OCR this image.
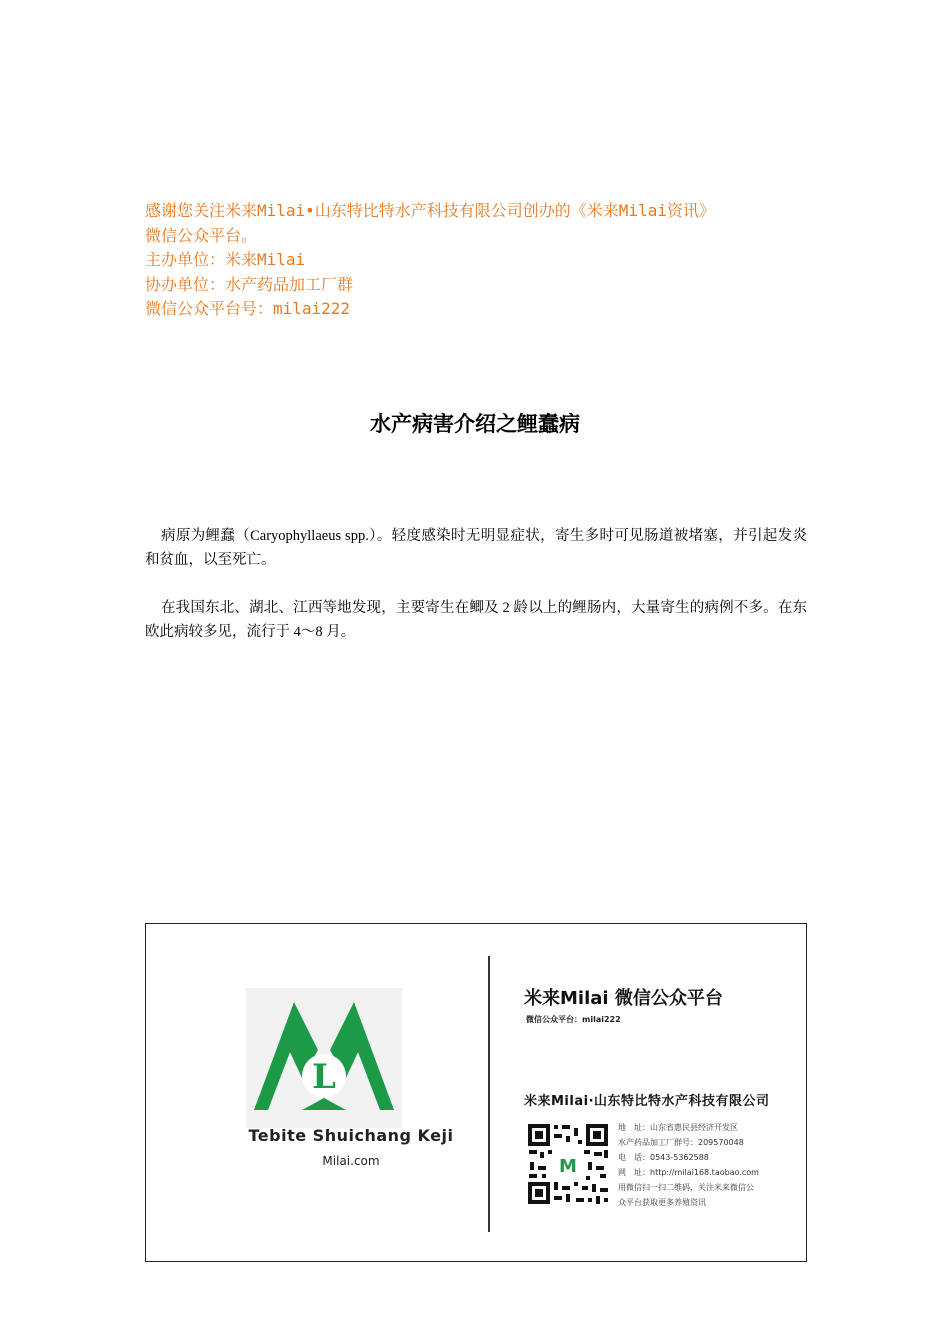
感谢您关注米来Milai•山东特比特水产科技有限公司创办的《米来Milai资讯》
微信公众平台。
主办单位：米来Milai
协办单位：水产药品加工厂群
微信公众平台号：milai222
水产病害介绍之鲤蠢病
病原为鲤蠢（Caryophyllaeus spp.）。轻度感染时无明显症状，寄生多时可见肠道被堵塞，并引起发炎和贫血，以至死亡。
在我国东北、湖北、江西等地发现，主要寄生在鲫及 2 龄以上的鲤肠内，大量寄生的病例不多。在东欧此病较多见，流行于 4～8 月。
L
Tebite Shuichang Keji
Milai.com
米来Milai 微信公众平台
微信公众平台：milai222
米来Milai·山东特比特水产科技有限公司
M
地　址：山东省惠民县经济开发区
水产药品加工厂群号：209570048
电　话：0543-5362588
网　址：http://milai168.taobao.com
用微信扫一扫二维码，关注米来微信公
众平台获取更多养殖资讯
